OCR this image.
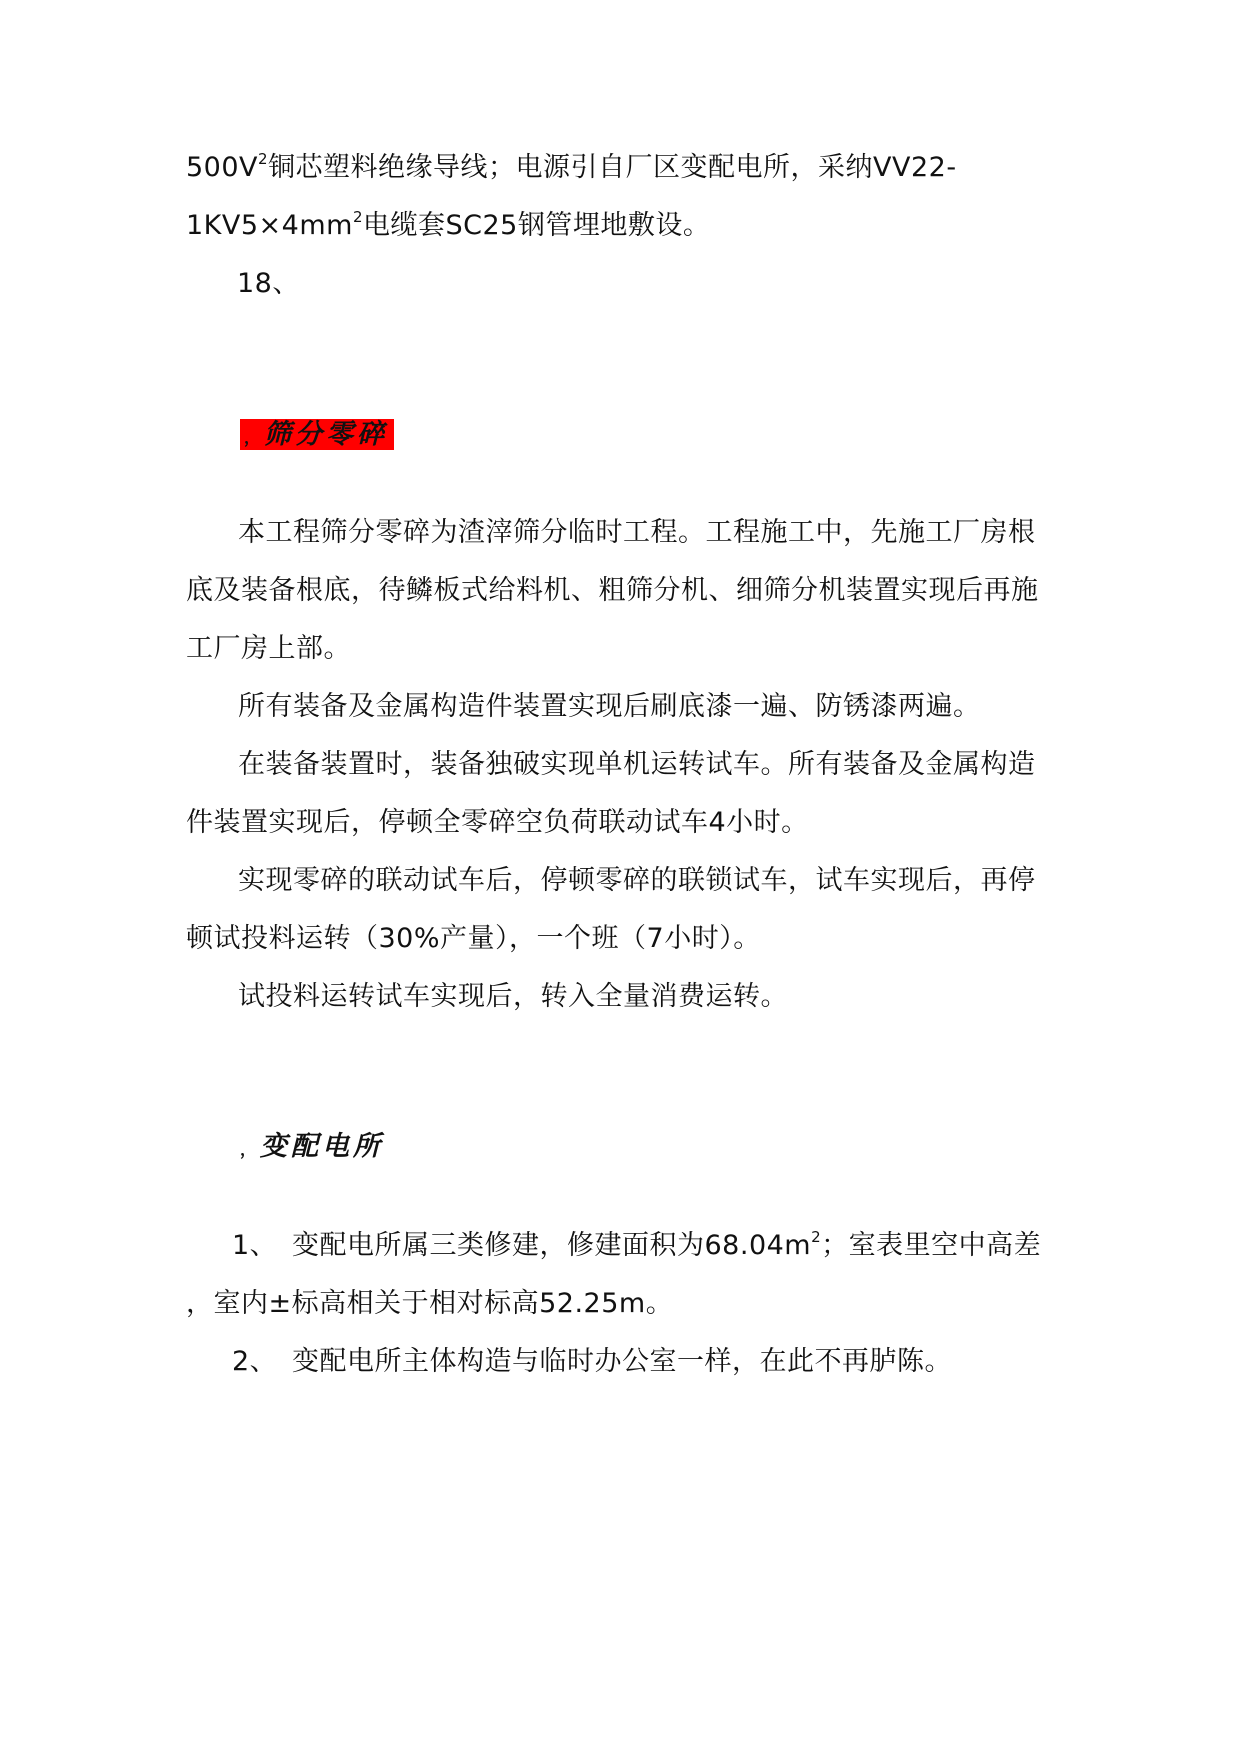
$500V^2$铜芯塑料绝缘导线；电源引自厂区变配电所，采纳VV22-
$1KV5\times 4mm^2$电缆套SC25钢管埋地敷设。
18、
， 筛分零碎
本工程筛分零碎为渣滓筛分临时工程。工程施工中，先施工厂房根
底及装备根底，待鳞板式给料机、粗筛分机、细筛分机装置实现后再施
工厂房上部。
所有装备及金属构造件装置实现后刷底漆一遍、防锈漆两遍。
在装备装置时，装备独破实现单机运转试车。所有装备及金属构造
件装置实现后，停顿全零碎空负荷联动试车4小时。
实现零碎的联动试车后，停顿零碎的联锁试车，试车实现后，再停
顿试投料运转（30%产量），一个班（7小时）。
试投料运转试车实现后，转入全量消费运转。
， 变配电所
1、 变配电所属三类修建，修建面积为$68.04m^2$；室表里空中高差
，室内±标高相关于相对标高52.25m。
2、 变配电所主体构造与临时办公室一样，在此不再胪陈。
